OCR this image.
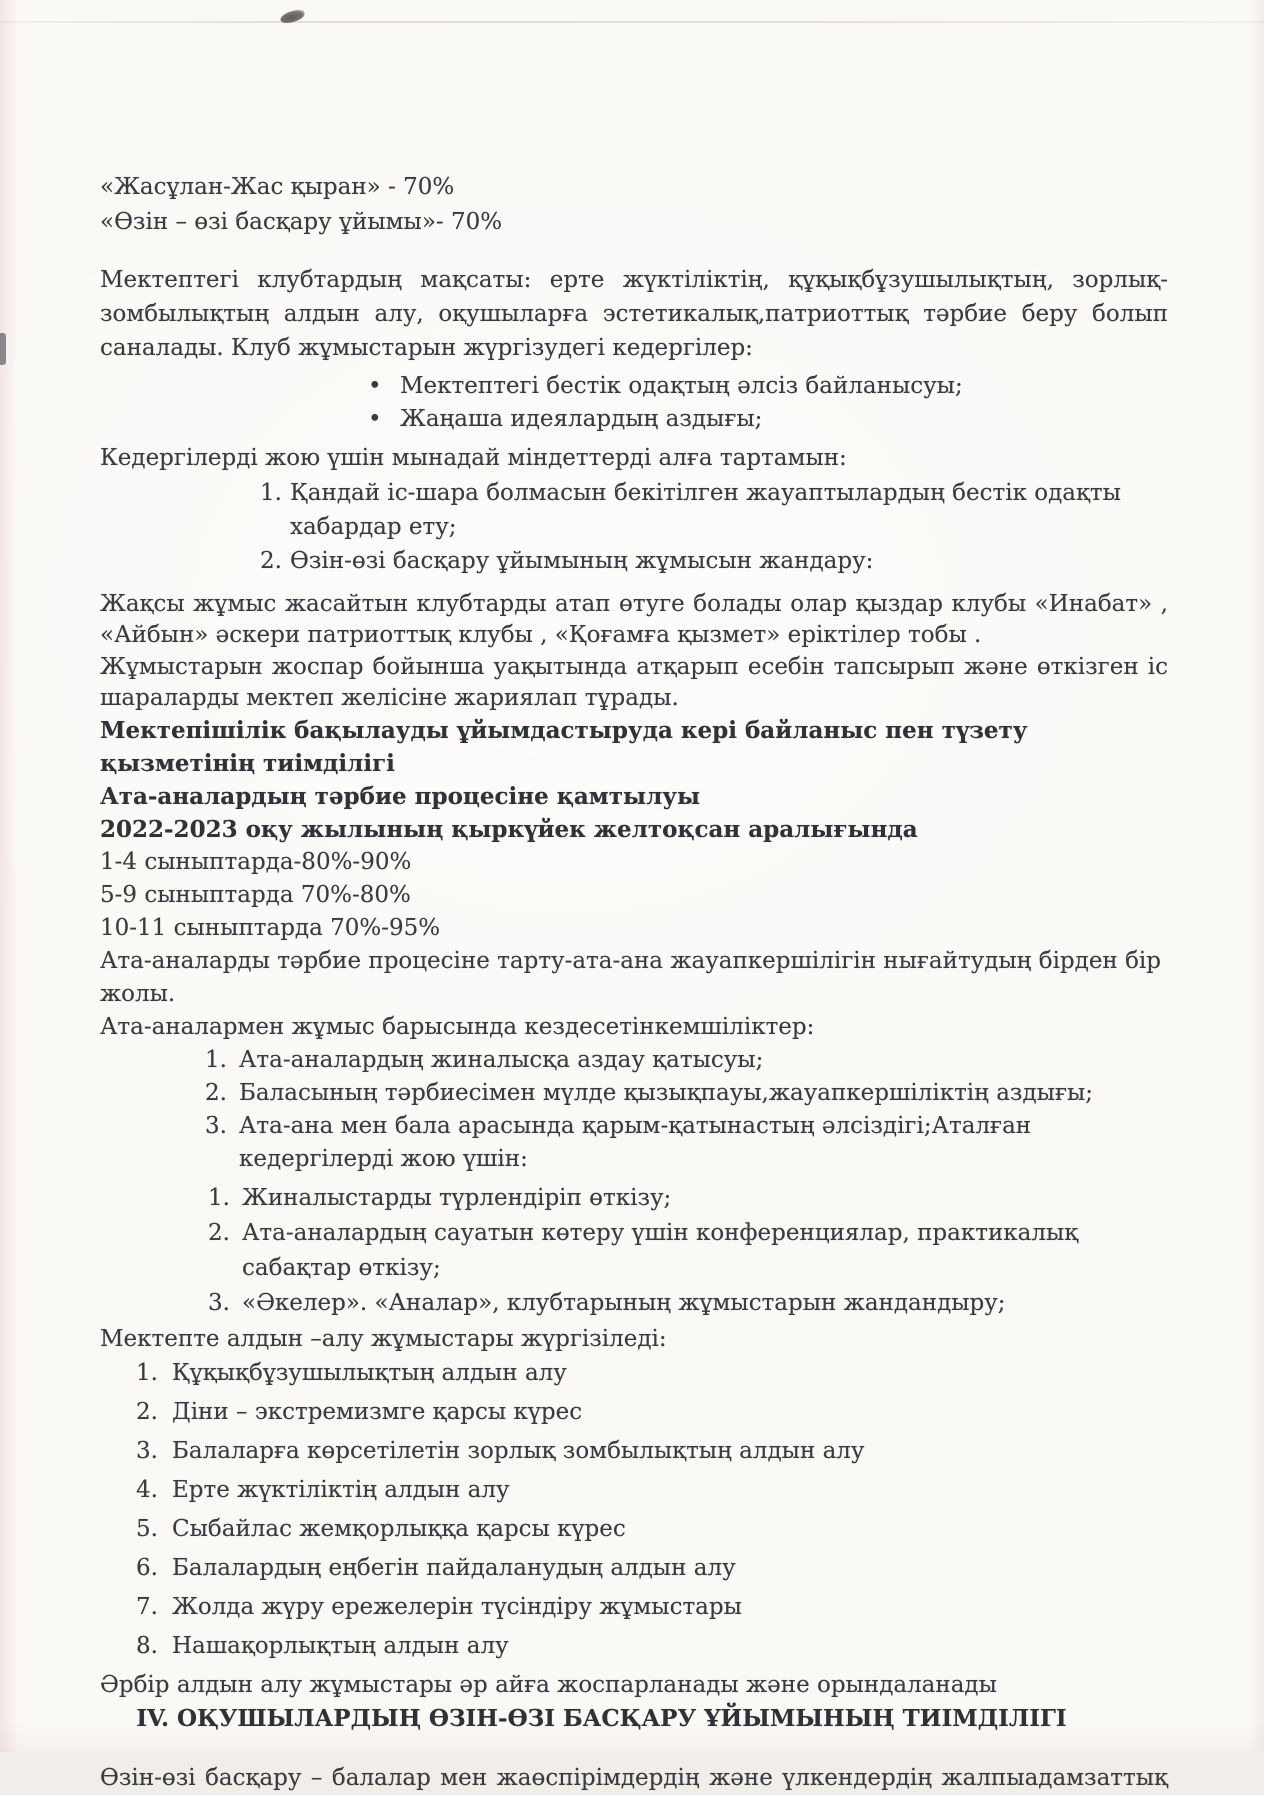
«Жасұлан-Жас қыран» - 70%

«Өзін – өзі басқару ұйымы»- 70%

Мектептегі клубтардың мақсаты: ерте жүктіліктің, құқықбұзушылықтың, зорлық-зомбылықтың алдын алу, оқушыларға эстетикалық,патриоттық тәрбие беру болып саналады. Клуб жұмыстарын жүргізудегі кедергілер:

• Мектептегі бестік одақтың әлсіз байланысуы;
• Жаңаша идеялардың аздығы;

Кедергілерді жою үшін мынадай міндеттерді алға тартамын:

1. Қандай іс-шара болмасын бекітілген жауаптылардың бестік одақты хабардар ету;
2. Өзін-өзі басқару ұйымының жұмысын жандару:

Жақсы жұмыс жасайтын клубтарды атап өтуге болады олар қыздар клубы «Инабат» , «Айбын» әскери патриоттық клубы , «Қоғамға қызмет» еріктілер тобы .

Жұмыстарын жоспар бойынша уақытында атқарып есебін тапсырып және өткізген іс шараларды мектеп желісіне жариялап тұрады.

Мектепішілік бақылауды ұйымдастыруда кері байланыс пен түзету қызметінің тиімділігі

Ата-аналардың тәрбие процесіне қамтылуы

2022-2023 оқу жылының қыркүйек желтоқсан аралығында

1-4 сыныптарда-80%-90%

5-9 сыныптарда 70%-80%

10-11 сыныптарда 70%-95%

Ата-аналарды тәрбие процесіне тарту-ата-ана жауапкершілігін нығайтудың бірден бір жолы.

Ата-аналармен жұмыс барысында кездесетінкемшіліктер:

1. Ата-аналардың жиналысқа аздау қатысуы;
2. Баласының тәрбиесімен мүлде қызықпауы,жауапкершіліктің аздығы;
3. Ата-ана мен бала арасында қарым-қатынастың әлсіздігі;Аталған кедергілерді жою үшін:
1. Жиналыстарды түрлендіріп өткізу;
2. Ата-аналардың сауатын көтеру үшін конференциялар, практикалық сабақтар өткізу;
3. «Әкелер». «Аналар», клубтарының жұмыстарын жандандыру;

Мектепте алдын –алу жұмыстары жүргізіледі:

1. Құқықбұзушылықтың алдын алу
2. Діни – экстремизмге қарсы күрес
3. Балаларға көрсетілетін зорлық зомбылықтың алдын алу
4. Ерте жүктіліктің алдын алу
5. Сыбайлас жемқорлыққа қарсы күрес
6. Балалардың еңбегін пайдаланудың алдын алу
7. Жолда жүру ережелерін түсіндіру жұмыстары
8. Нашақорлықтың алдын алу

Әрбір алдын алу жұмыстары әр айға жоспарланады және орындаланады

IV. ОҚУШЫЛАРДЫҢ ӨЗІН-ӨЗІ БАСҚАРУ ҰЙЫМЫНЫҢ ТИІМДІЛІГІ

Өзін-өзі басқару – балалар мен жаөспірімдердің және үлкендердің жалпыадамзаттық
